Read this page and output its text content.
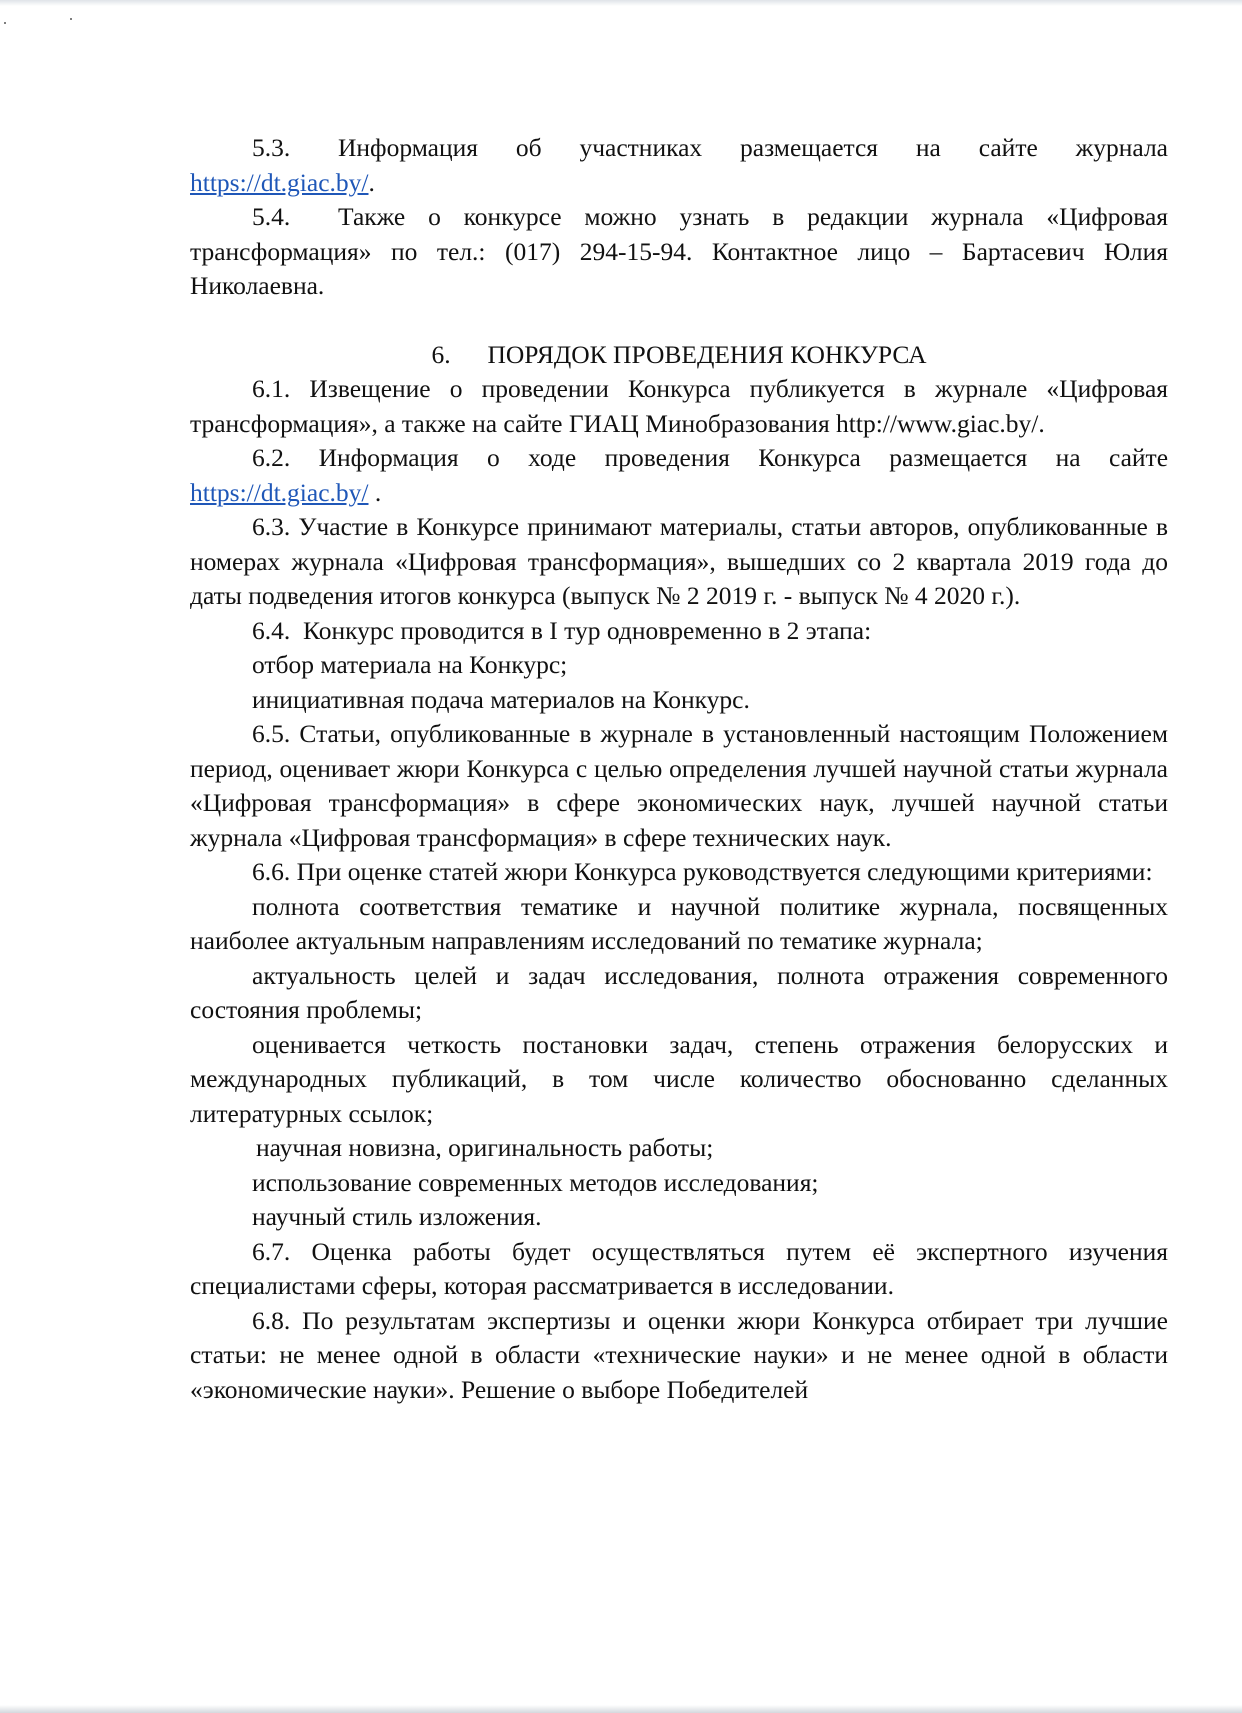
5.3. Информация об участниках размещается на сайте журнала https://dt.giac.by/.

5.4. Также о конкурсе можно узнать в редакции журнала «Цифровая трансформация» по тел.: (017) 294-15-94. Контактное лицо – Бартасевич Юлия Николаевна.

6. ПОРЯДОК ПРОВЕДЕНИЯ КОНКУРСА

6.1. Извещение о проведении Конкурса публикуется в журнале «Цифровая трансформация», а также на сайте ГИАЦ Минобразования http://www.giac.by/.

6.2. Информация о ходе проведения Конкурса размещается на сайте https://dt.giac.by/ .

6.3. Участие в Конкурсе принимают материалы, статьи авторов, опубликованные в номерах журнала «Цифровая трансформация», вышедших со 2 квартала 2019 года до даты подведения итогов конкурса (выпуск № 2 2019 г. - выпуск № 4 2020 г.).

6.4. Конкурс проводится в I тур одновременно в 2 этапа:

отбор материала на Конкурс;

инициативная подача материалов на Конкурс.

6.5. Статьи, опубликованные в журнале в установленный настоящим Положением период, оценивает жюри Конкурса с целью определения лучшей научной статьи журнала «Цифровая трансформация» в сфере экономических наук, лучшей научной статьи журнала «Цифровая трансформация» в сфере технических наук.

6.6. При оценке статей жюри Конкурса руководствуется следующими критериями:

полнота соответствия тематике и научной политике журнала, посвященных наиболее актуальным направлениям исследований по тематике журнала;

актуальность целей и задач исследования, полнота отражения современного состояния проблемы;

оценивается четкость постановки задач, степень отражения белорусских и международных публикаций, в том числе количество обоснованно сделанных литературных ссылок;

научная новизна, оригинальность работы;

использование современных методов исследования;

научный стиль изложения.

6.7. Оценка работы будет осуществляться путем её экспертного изучения специалистами сферы, которая рассматривается в исследовании.

6.8. По результатам экспертизы и оценки жюри Конкурса отбирает три лучшие статьи: не менее одной в области «технические науки» и не менее одной в области «экономические науки». Решение о выборе Победителей
